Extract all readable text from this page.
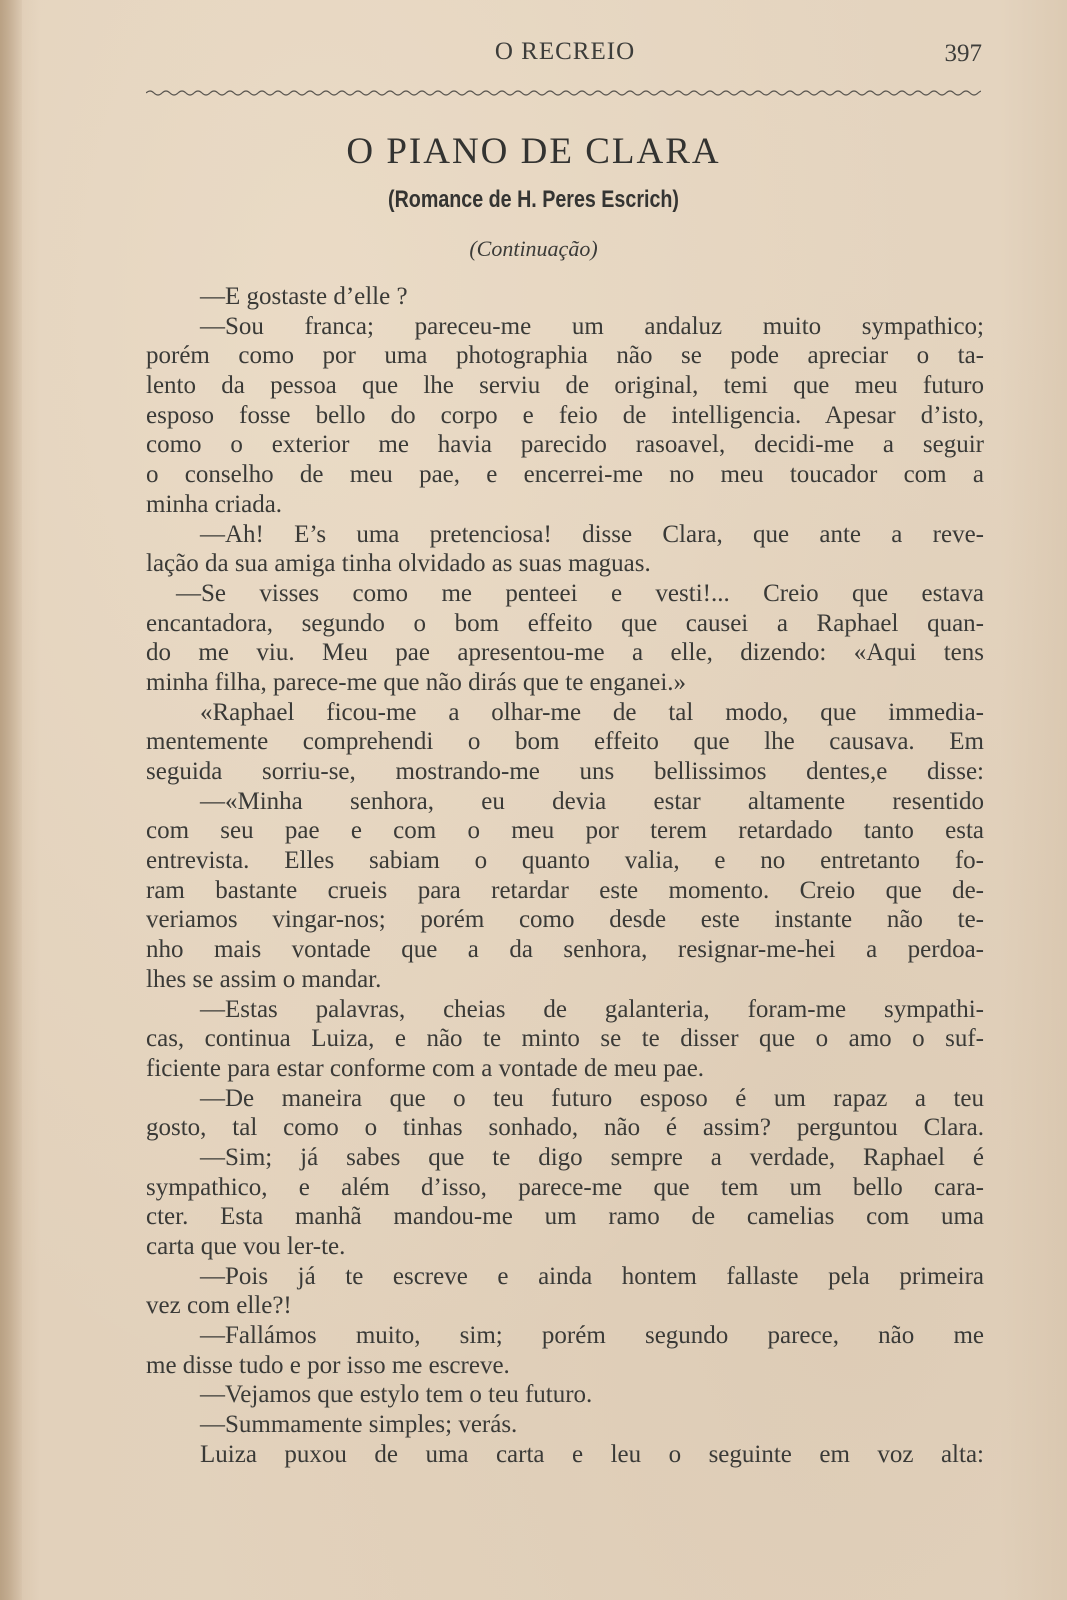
O RECREIO	397
O PIANO DE CLARA
(Romance de H. Peres Escrich)
(Continuação)
—E gostaste d’elle ?
—Sou franca; pareceu-me um andaluz muito sympathico;
porém como por uma photographia não se pode apreciar o ta-
lento da pessoa que lhe serviu de original, temi que meu futuro
esposo fosse bello do corpo e feio de intelligencia. Apesar d’isto,
como o exterior me havia parecido rasoavel, decidi-me a seguir
o conselho de meu pae, e encerrei-me no meu toucador com a
minha criada.
—Ah! E’s uma pretenciosa! disse Clara, que ante a reve-
lação da sua amiga tinha olvidado as suas maguas.
—Se visses como me penteei e vesti!... Creio que estava
encantadora, segundo o bom effeito que causei a Raphael quan-
do me viu. Meu pae apresentou-me a elle, dizendo: «Aqui tens
minha filha, parece-me que não dirás que te enganei.»
«Raphael ficou-me a olhar-me de tal modo, que immedia-
mentemente comprehendi o bom effeito que lhe causava. Em
seguida sorriu-se, mostrando-me uns bellissimos dentes,e disse:
—«Minha senhora, eu devia estar altamente resentido
com seu pae e com o meu por terem retardado tanto esta
entrevista. Elles sabiam o quanto valia, e no entretanto fo-
ram bastante crueis para retardar este momento. Creio que de-
veriamos vingar-nos; porém como desde este instante não te-
nho mais vontade que a da senhora, resignar-me-hei a perdoa-
lhes se assim o mandar.
—Estas palavras, cheias de galanteria, foram-me sympathi-
cas, continua Luiza, e não te minto se te disser que o amo o suf-
ficiente para estar conforme com a vontade de meu pae.
—De maneira que o teu futuro esposo é um rapaz a teu
gosto, tal como o tinhas sonhado, não é assim? perguntou Clara.
—Sim; já sabes que te digo sempre a verdade, Raphael é
sympathico, e além d’isso, parece-me que tem um bello cara-
cter. Esta manhã mandou-me um ramo de camelias com uma
carta que vou ler-te.
—Pois já te escreve e ainda hontem fallaste pela primeira
vez com elle?!
—Fallámos muito, sim; porém segundo parece, não me
me disse tudo e por isso me escreve.
—Vejamos que estylo tem o teu futuro.
—Summamente simples; verás.
Luiza puxou de uma carta e leu o seguinte em voz alta:
